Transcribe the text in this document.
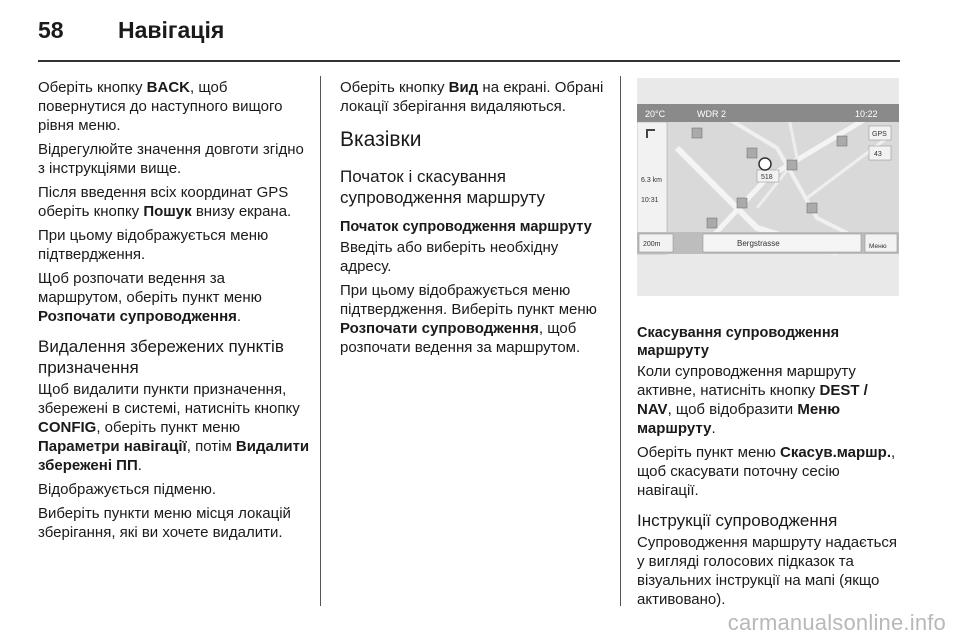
58 Навігація

Оберіть кнопку BACK, щоб повернутися до наступного вищого рівня меню.

Відрегулюйте значення довготи згідно з інструкціями вище.

Після введення всіх координат GPS оберіть кнопку Пошук внизу екрана.

При цьому відображується меню підтвердження.

Щоб розпочати ведення за маршрутом, оберіть пункт меню Розпочати супроводження.

Видалення збережених пунктів призначення

Щоб видалити пункти призначення, збережені в системі, натисніть кнопку CONFIG, оберіть пункт меню Параметри навігації, потім Видалити збережені ПП.

Відображується підменю.

Виберіть пункти меню місця локацій зберігання, які ви хочете видалити.

Оберіть кнопку Вид на екрані. Обрані локації зберігання видаляються.

Вказівки
Початок і скасування супроводження маршруту
Початок супроводження маршруту

Введіть або виберіть необхідну адресу.

При цьому відображується меню підтвердження. Виберіть пункт меню Розпочати супроводження, щоб розпочати ведення за маршрутом.

20°C	WDR 2	10:22
6.3 km
10:31
GPS
43
518
200m	Bergstrasse	Меню
Скасування супроводження маршруту

Коли супроводження маршруту активне, натисніть кнопку DEST / NAV, щоб відобразити Меню маршруту.

Оберіть пункт меню Скасув.маршр., щоб скасувати поточну сесію навігації.

Інструкції супроводження

Супроводження маршруту надається у вигляді голосових підказок та візуальних інструкції на мапі (якщо активовано).

carmanualsonline.info
